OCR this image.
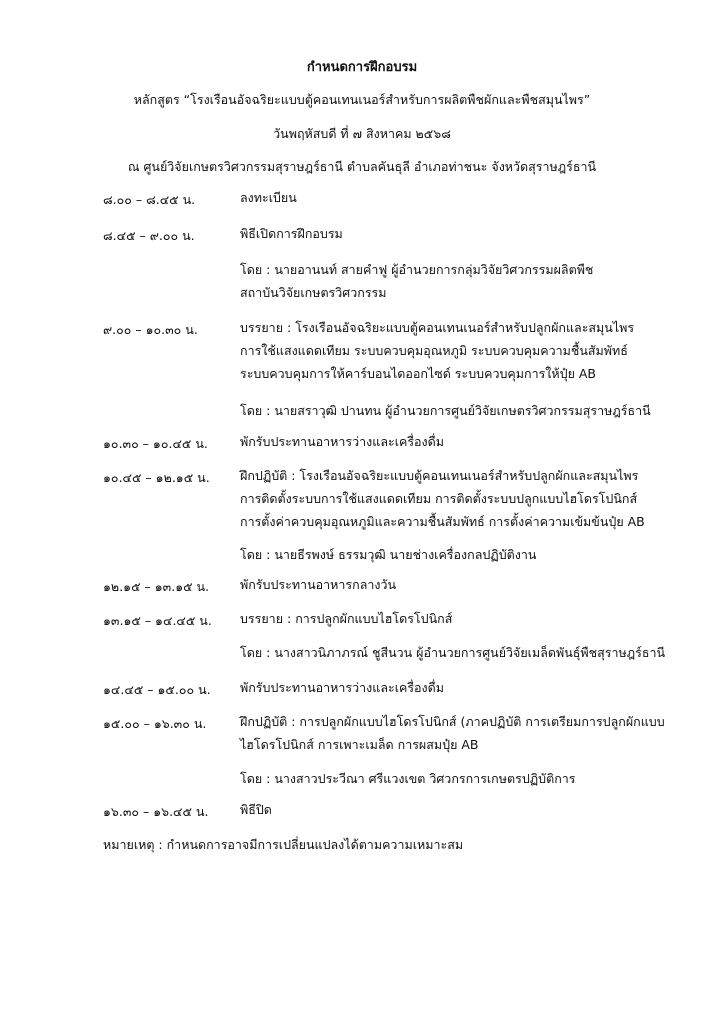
กำหนดการฝึกอบรม
หลักสูตร “โรงเรือนอัจฉริยะแบบตู้คอนเทนเนอร์สำหรับการผลิตพืชผักและพืชสมุนไพร”
วันพฤหัสบดี ที่ ๗ สิงหาคม ๒๕๖๘
ณ ศูนย์วิจัยเกษตรวิศวกรรมสุราษฎร์ธานี ตำบลคันธุลี อำเภอท่าชนะ จังหวัดสุราษฎร์ธานี
๘.๐๐ – ๘.๔๕ น.	ลงทะเบียน
๘.๔๕ – ๙.๐๐ น.	พิธีเปิดการฝึกอบรม
โดย : นายอานนท์ สายคำฟู ผู้อำนวยการกลุ่มวิจัยวิศวกรรมผลิตพืช
สถาบันวิจัยเกษตรวิศวกรรม
๙.๐๐ – ๑๐.๓๐ น.	บรรยาย : โรงเรือนอัจฉริยะแบบตู้คอนเทนเนอร์สำหรับปลูกผักและสมุนไพร
การใช้แสงแดดเทียม ระบบควบคุมอุณหภูมิ ระบบควบคุมความชื้นสัมพัทธ์
ระบบควบคุมการให้คาร์บอนไดออกไซด์ ระบบควบคุมการให้ปุ๋ย AB
โดย : นายสราวุฒิ ปานทน ผู้อำนวยการศูนย์วิจัยเกษตรวิศวกรรมสุราษฎร์ธานี
๑๐.๓๐ – ๑๐.๔๕ น.	พักรับประทานอาหารว่างและเครื่องดื่ม
๑๐.๔๕ – ๑๒.๑๕ น. ฝึกปฏิบัติ : โรงเรือนอัจฉริยะแบบตู้คอนเทนเนอร์สำหรับปลูกผักและสมุนไพร
การติดตั้งระบบการใช้แสงแดดเทียม การติดตั้งระบบปลูกแบบไฮโดรโปนิกส์
การตั้งค่าควบคุมอุณหภูมิและความชื้นสัมพัทธ์ การตั้งค่าความเข้มข้นปุ๋ย AB
โดย : นายธีรพงษ์ ธรรมวุฒิ นายช่างเครื่องกลปฏิบัติงาน
๑๒.๑๕ – ๑๓.๑๕ น. พักรับประทานอาหารกลางวัน
๑๓.๑๕ – ๑๔.๔๕ น. บรรยาย : การปลูกผักแบบไฮโดรโปนิกส์
โดย : นางสาวนิภาภรณ์ ชูสีนวน ผู้อำนวยการศูนย์วิจัยเมล็ดพันธุ์พืชสุราษฎร์ธานี
๑๔.๔๕ – ๑๕.๐๐ น. พักรับประทานอาหารว่างและเครื่องดื่ม
๑๕.๐๐ – ๑๖.๓๐ น.	ฝึกปฏิบัติ : การปลูกผักแบบไฮโดรโปนิกส์ (ภาคปฏิบัติ การเตรียมการปลูกผักแบบ
ไฮโดรโปนิกส์ การเพาะเมล็ด การผสมปุ๋ย AB
โดย : นางสาวประวีณา ศรีแวงเขต วิศวกรการเกษตรปฏิบัติการ
๑๖.๓๐ – ๑๖.๔๕ น.	พิธีปิด
หมายเหตุ : กำหนดการอาจมีการเปลี่ยนแปลงได้ตามความเหมาะสม
